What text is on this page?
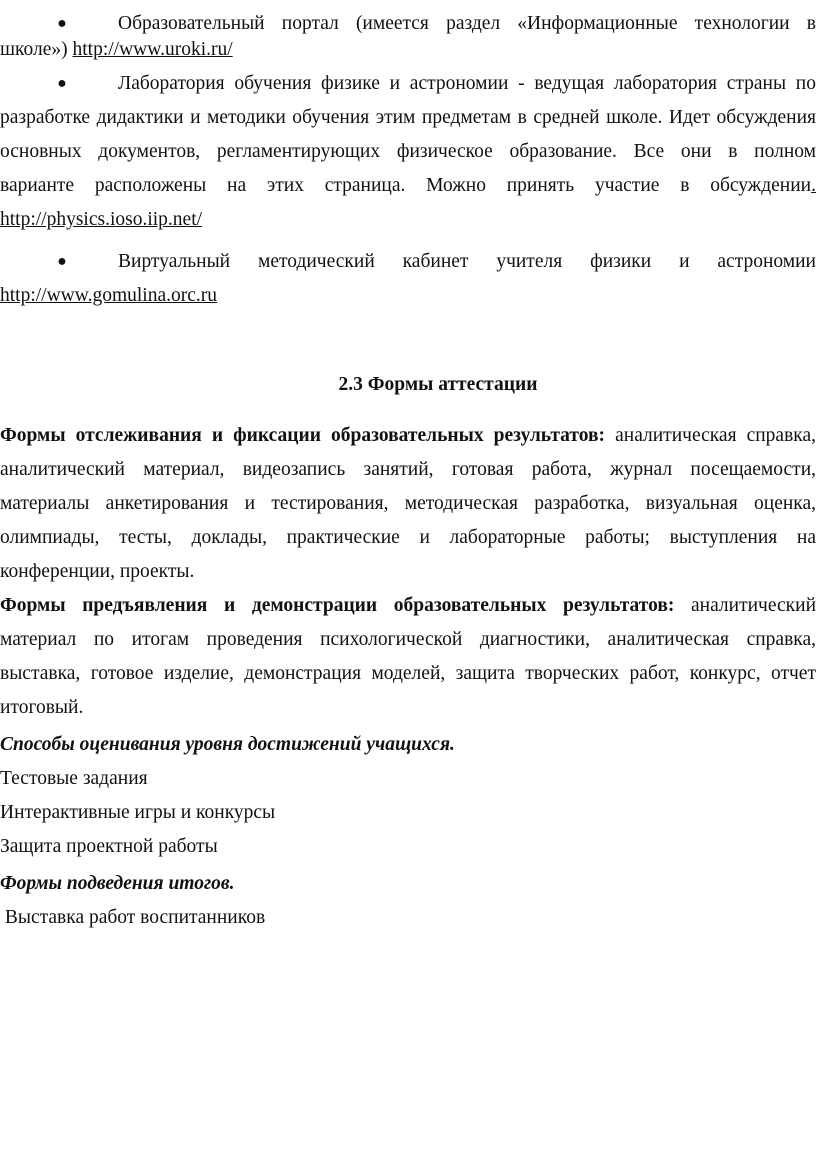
●	Образовательный портал (имеется раздел «Информационные технологии в

школе») http://www.uroki.ru/

●	Лаборатория обучения физике и астрономии - ведущая лаборатория страны по

разработке дидактики и методики обучения этим предметам в средней школе. Идет обсуждения

основных документов, регламентирующих физическое образование. Все они в полном

варианте расположены на этих страница. Можно принять участие в обсуждении .

http://physics.ioso.iip.net/

●	Виртуальный методический кабинет учителя физики и астрономии

http://www.gomulina.orc.ru

2.3 Формы аттестации

Формы отслеживания и фиксации образовательных результатов: аналитическая справка,

аналитический материал, видеозапись занятий, готовая работа, журнал посещаемости,

материалы анкетирования и тестирования, методическая разработка, визуальная оценка,

олимпиады, тесты, доклады, практические и лабораторные работы; выступления на

конференции, проекты.

Формы предъявления и демонстрации образовательных результатов: аналитический

материал по итогам проведения психологической диагностики, аналитическая справка,

выставка, готовое изделие, демонстрация моделей, защита творческих работ, конкурс, отчет

итоговый.

Способы оценивания уровня достижений учащихся.

Тестовые задания

Интерактивные игры и конкурсы

Защита проектной работы

Формы подведения итогов.

Выставка работ воспитанников
